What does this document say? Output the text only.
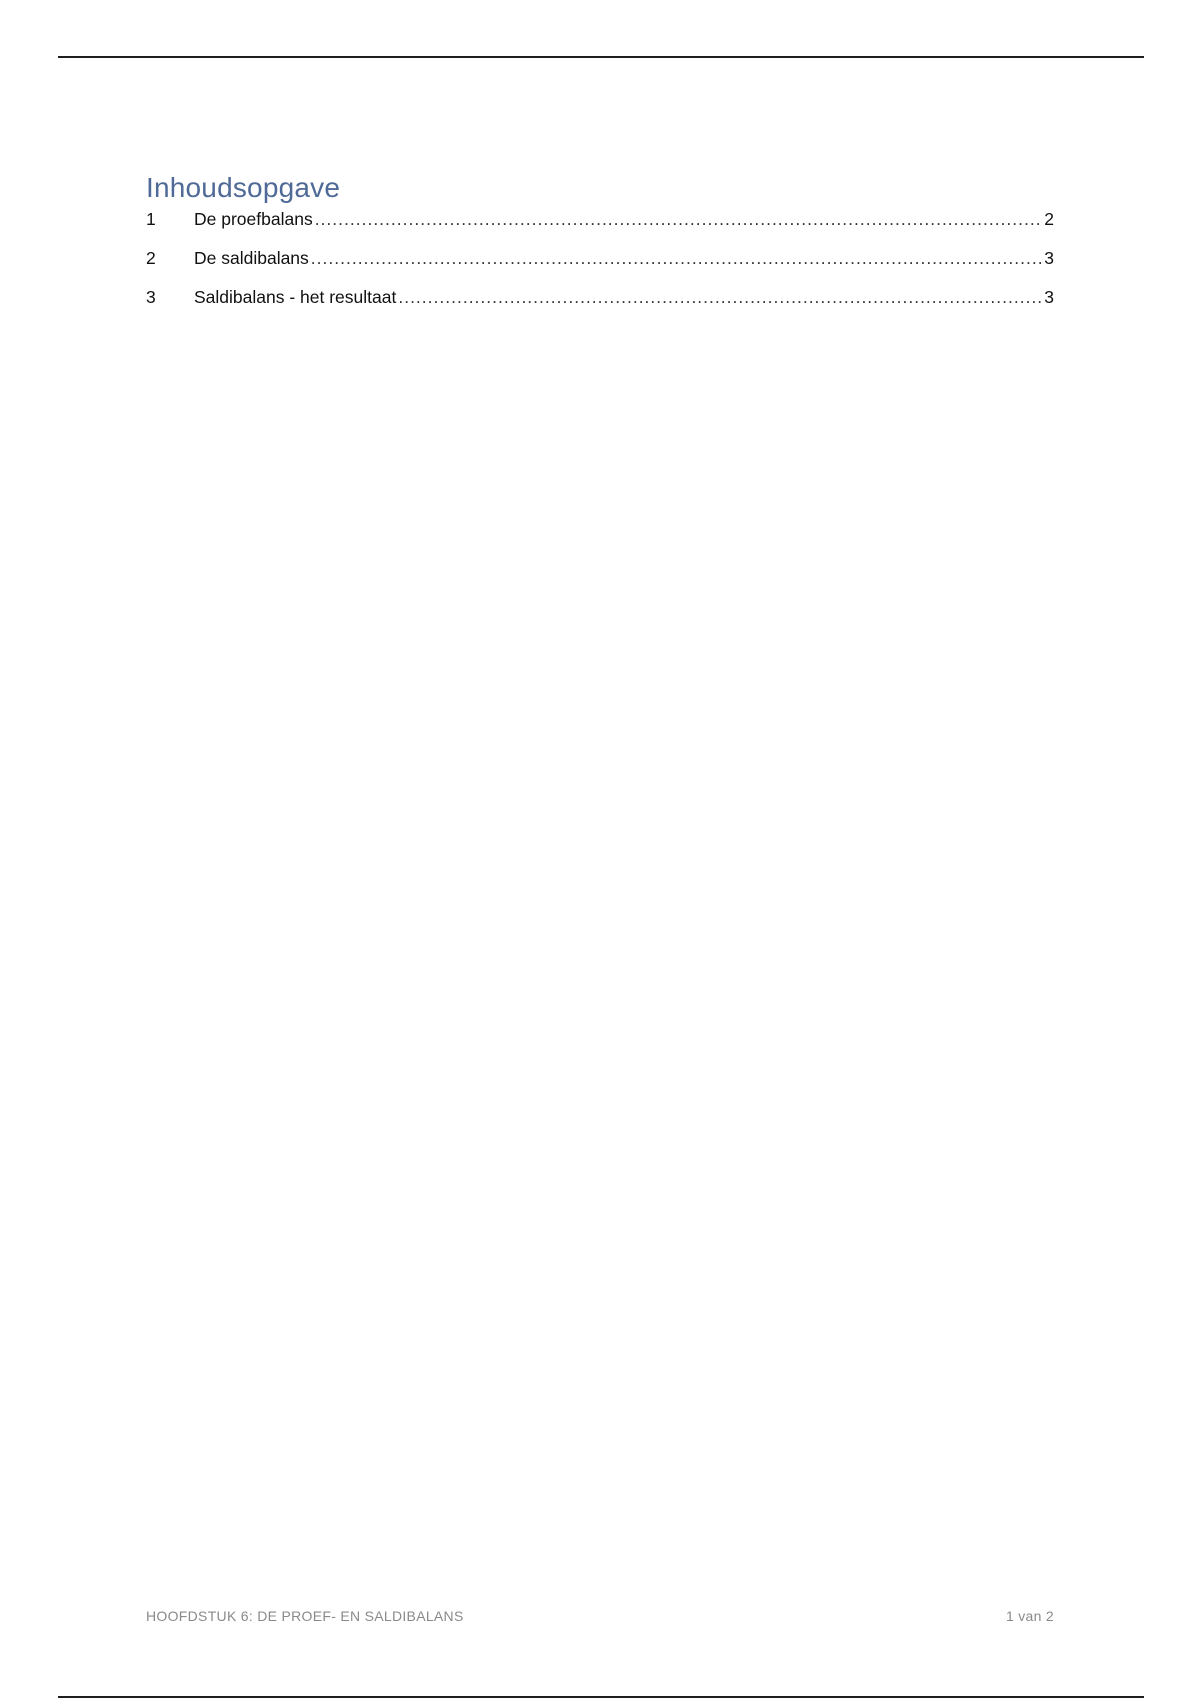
Inhoudsopgave
1	De proefbalans .....	2
2	De saldibalans .....	3
3	Saldibalans - het resultaat .....	3
HOOFDSTUK 6: DE PROEF- EN SALDIBALANS	1 van 2
